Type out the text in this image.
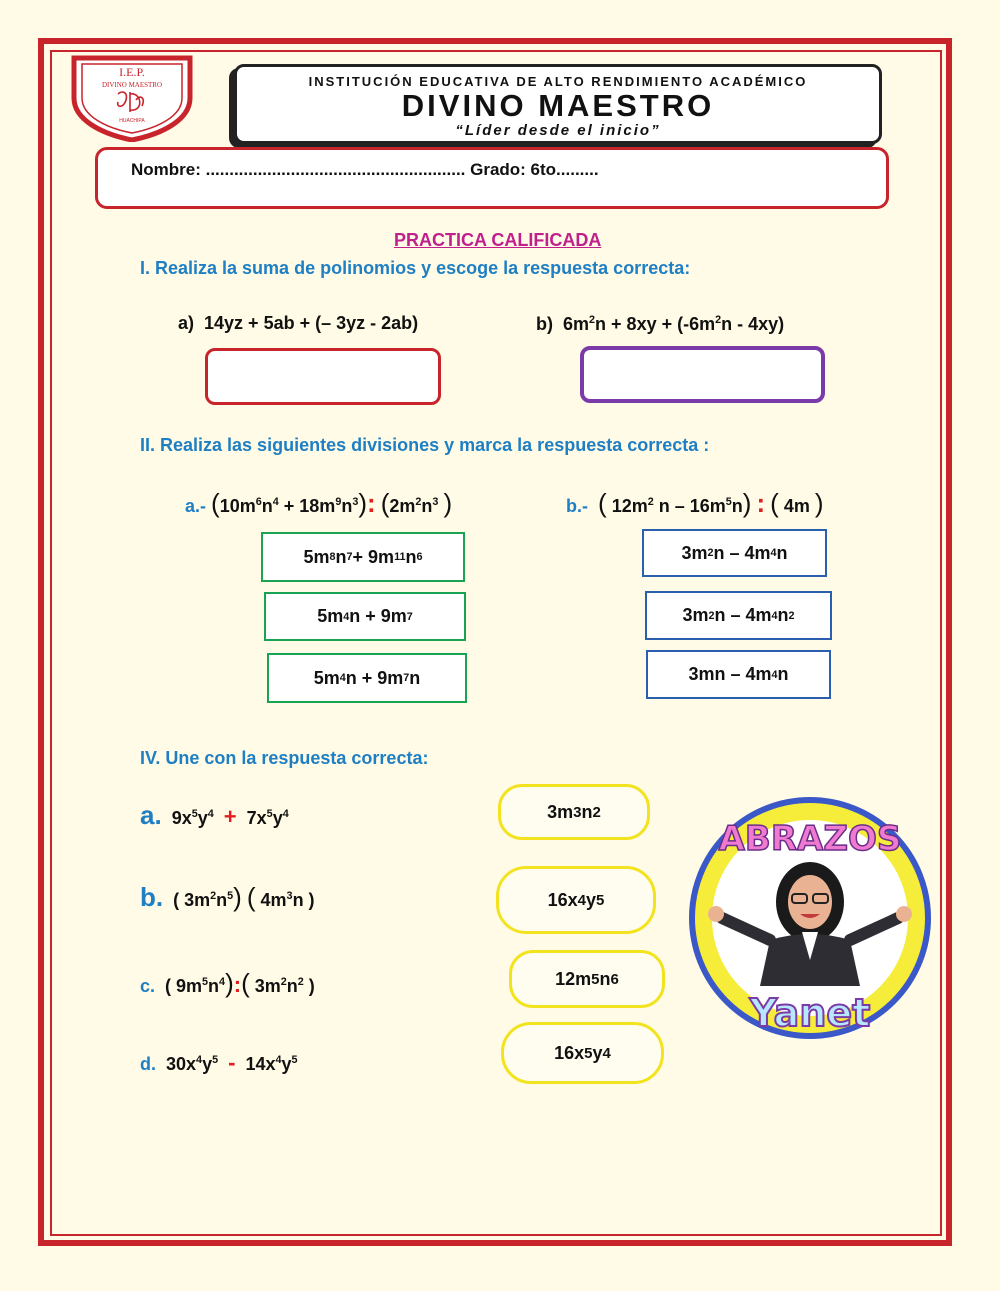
I.E.P.
DIVINO MAESTRO
HUACHIPA
INSTITUCIÓN EDUCATIVA DE ALTO RENDIMIENTO ACADÉMICO
DIVINO MAESTRO
“Líder desde el inicio”
Nombre: ....................................................... Grado: 6to.........
PRACTICA CALIFICADA
I. Realiza la suma de polinomios y escoge la respuesta correcta:
a)  14yz + 5ab + (– 3yz - 2ab)	b)  $6m^2n + 8xy + (-6m^2n - 4xy)$
II. Realiza las siguientes divisiones y marca la respuesta correcta :
a.- $(10m^6n^4 + 18m^9n^3)$: ($2m^2n^3$ )	b.- ( $12m^2$ n – $16m^5n$) : ( 4m )
5m 8 n 7 + 9m 11 n 6
5m 4 n + 9m 7
5m 4 n + 9m 7 n
3m 2 n – 4m 4 n
3m 2 n – 4m 4 n 2
3mn – 4m 4 n
IV. Une con la respuesta correcta:
a.  $9x^5y^4 + 7x^5y^4$
b.  ( $3m^2n^5$) ( $4m^3n$ )
c.  ( $9m^5n^4$):( $3m^2n^2$ )
d.  $30x^4y^5 - 14x^4y^5$
3m 3 n 2
16x 4 y 5
12m 5 n 6
16x 5 y 4
ABRAZOS
Yanet
